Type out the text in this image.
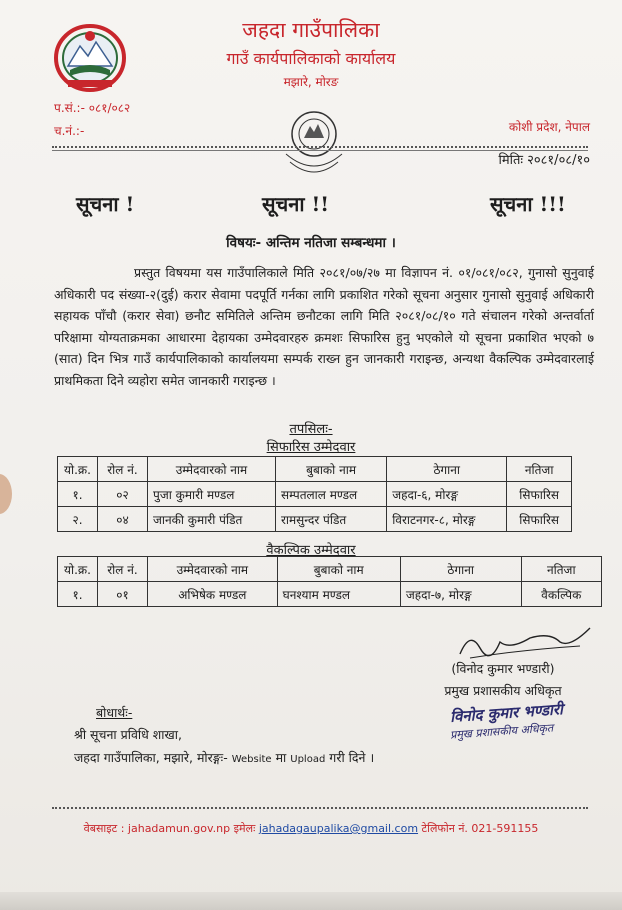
जहदा गाउँपालिका
गाउँ कार्यपालिकाको कार्यालय
मझारे, मोरङ
प.सं.:- ०८१/०८२
च.नं.:-	कोशी प्रदेश, नेपाल
मितिः २०८१/०८/१०
सूचना !	सूचना !!	सूचना !!!
विषयः- अन्तिम नतिजा सम्बन्धमा ।
प्रस्तुत विषयमा यस गाउँपालिकाले मिति २०८१/०७/२७ मा विज्ञापन नं. ०१/०८१/०८२, गुनासो सुनुवाई अधिकारी पद संख्या-२(दुई) करार सेवामा पदपूर्ति गर्नका लागि प्रकाशित गरेको सूचना अनुसार गुनासो सुनुवाई अधिकारी सहायक पाँचौ (करार सेवा) छनौट समितिले अन्तिम छनौटका लागि मिति २०८१/०८/१० गते संचालन गरेको अन्तर्वार्ता परिक्षामा योग्यताक्रमका आधारमा देहायका उम्मेदवारहरु क्रमशः सिफारिस हुनु भएकोले यो सूचना प्रकाशित भएको ७ (सात) दिन भित्र गाउँ कार्यपालिकाको कार्यालयमा सम्पर्क राख्न हुन जानकारी गराइन्छ, अन्यथा वैकल्पिक उम्मेदवारलाई प्राथमिकता दिने व्यहोरा समेत जानकारी गराइन्छ ।
तपसिलः-
सिफारिस उम्मेदवार
यो.क्र.	रोल नं.	उम्मेदवारको नाम	बुबाको नाम	ठेगाना	नतिजा
१.	०२	पुजा कुमारी मण्डल	सम्पतलाल मण्डल	जहदा-६, मोरङ्ग	सिफारिस
२.	०४	जानकी कुमारी पंडित	रामसुन्दर पंडित	विराटनगर-८, मोरङ्ग	सिफारिस
वैकल्पिक उम्मेदवार
यो.क्र.	रोल नं.	उम्मेदवारको नाम	बुबाको नाम	ठेगाना	नतिजा
१.	०१	अभिषेक मण्डल	घनश्याम मण्डल	जहदा-७, मोरङ्ग	वैकल्पिक
(विनोद कुमार भण्डारी)
प्रमुख प्रशासकीय अधिकृत
विनोद कुमार भण्डारी
प्रमुख प्रशासकीय अधिकृत
बोधार्थः-
श्री सूचना प्रविधि शाखा,
जहदा गाउँपालिका, मझारे, मोरङ्गः- Website मा Upload गरी दिने ।
वेबसाइट : jahadamun.gov.np इमेलः jahadagaupalika@gmail.com टेलिफोन नं. 021-591155
